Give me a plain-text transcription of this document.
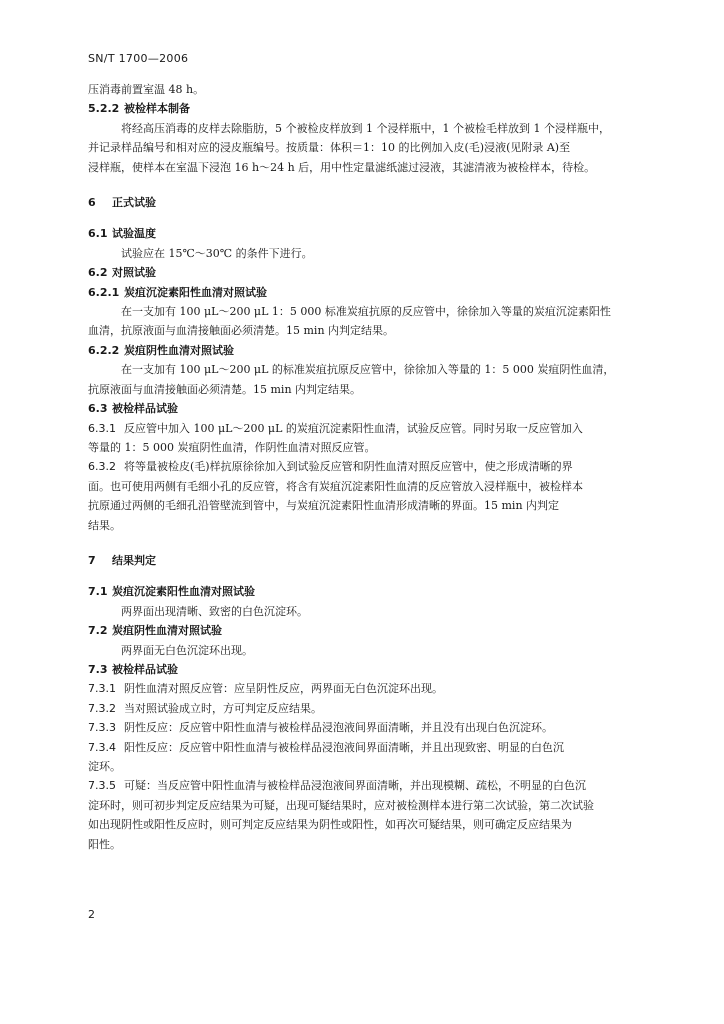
SN/T 1700—2006
压消毒前置室温 48 h。
5.2.2 被检样本制备
将经高压消毒的皮样去除脂肪，5 个被检皮样放到 1 个浸样瓶中，1 个被检毛样放到 1 个浸样瓶中，
并记录样品编号和相对应的浸皮瓶编号。按质量：体积＝1：10 的比例加入皮(毛)浸液(见附录 A)至
浸样瓶，使样本在室温下浸泡 16 h～24 h 后，用中性定量滤纸滤过浸液，其滤清液为被检样本，待检。
6 正式试验
6.1 试验温度
试验应在 15℃～30℃ 的条件下进行。
6.2 对照试验
6.2.1 炭疽沉淀素阳性血清对照试验
在一支加有 100 μL～200 μL 1：5 000 标准炭疽抗原的反应管中，徐徐加入等量的炭疽沉淀素阳性
血清，抗原液面与血清接触面必须清楚。15 min 内判定结果。
6.2.2 炭疽阴性血清对照试验
在一支加有 100 μL～200 μL 的标准炭疽抗原反应管中，徐徐加入等量的 1：5 000 炭疽阴性血清，
抗原液面与血清接触面必须清楚。15 min 内判定结果。
6.3 被检样品试验
6.3.1 反应管中加入 100 μL～200 μL 的炭疽沉淀素阳性血清，试验反应管。同时另取一反应管加入
等量的 1：5 000 炭疽阴性血清，作阴性血清对照反应管。
6.3.2 将等量被检皮(毛)样抗原徐徐加入到试验反应管和阴性血清对照反应管中，使之形成清晰的界
面。也可使用两侧有毛细小孔的反应管，将含有炭疽沉淀素阳性血清的反应管放入浸样瓶中，被检样本
抗原通过两侧的毛细孔沿管壁流到管中，与炭疽沉淀素阳性血清形成清晰的界面。15 min 内判定
结果。
7 结果判定
7.1 炭疽沉淀素阳性血清对照试验
两界面出现清晰、致密的白色沉淀环。
7.2 炭疽阴性血清对照试验
两界面无白色沉淀环出现。
7.3 被检样品试验
7.3.1 阴性血清对照反应管：应呈阴性反应，两界面无白色沉淀环出现。
7.3.2 当对照试验成立时，方可判定反应结果。
7.3.3 阴性反应：反应管中阳性血清与被检样品浸泡液间界面清晰，并且没有出现白色沉淀环。
7.3.4 阳性反应：反应管中阳性血清与被检样品浸泡液间界面清晰，并且出现致密、明显的白色沉
淀环。
7.3.5 可疑：当反应管中阳性血清与被检样品浸泡液间界面清晰，并出现模糊、疏松，不明显的白色沉
淀环时，则可初步判定反应结果为可疑，出现可疑结果时，应对被检测样本进行第二次试验，第二次试验
如出现阴性或阳性反应时，则可判定反应结果为阴性或阳性，如再次可疑结果，则可确定反应结果为
阳性。
2
